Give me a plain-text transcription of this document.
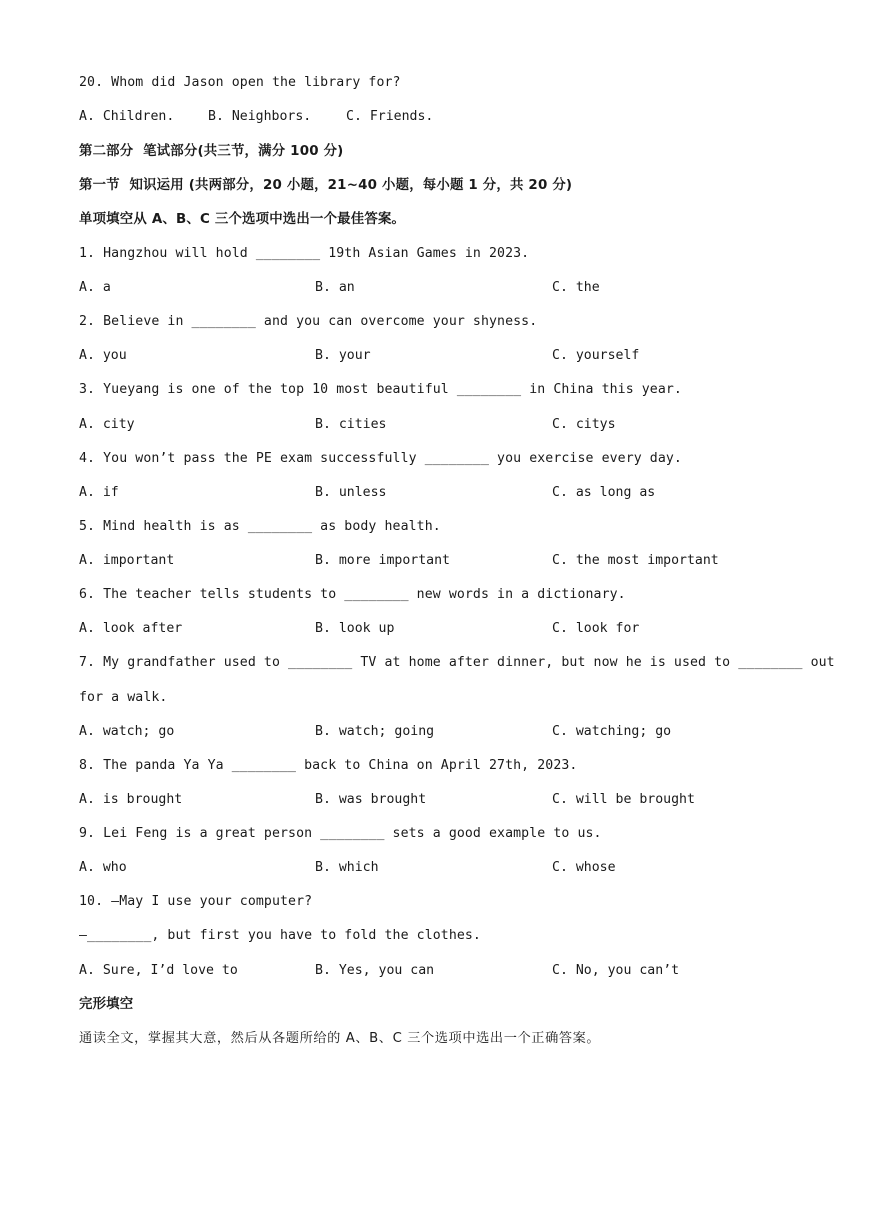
20. Whom did Jason open the library for?

A. Children.

	B. Neighbors.

	C. Friends.

第二部分  笔试部分(共三节，满分 100 分)
第一节  知识运用 (共两部分，20 小题，21~40 小题，每小题 1 分，共 20 分)
单项填空从 A、B、C 三个选项中选出一个最佳答案。
1. Hangzhou will hold ________ 19th Asian Games in 2023.

A. a

	B. an

	C. the

2. Believe in ________ and you can overcome your shyness.

A. you

	B. your

	C. yourself

3. Yueyang is one of the top 10 most beautiful ________ in China this year.

A. city

	B. cities

	C. citys

4. You won’t pass the PE exam successfully ________ you exercise every day.

A. if

	B. unless

	C. as long as

5. Mind health is as ________ as body health.

A. important

	B. more important

	C. the most important

6. The teacher tells students to ________ new words in a dictionary.

A. look after

	B. look up

	C. look for

7. My grandfather used to ________ TV at home after dinner, but now he is used to ________ out
for a walk.

A. watch; go

	B. watch; going

	C. watching; go

8. The panda Ya Ya ________ back to China on April 27th, 2023.

A. is brought

	B. was brought

	C. will be brought

9. Lei Feng is a great person ________ sets a good example to us.

A. who

	B. which

	C. whose

10. —May I use your computer?
—________, but first you have to fold the clothes.

A. Sure, I’d love to

	B. Yes, you can

	C. No, you can’t

完形填空
通读全文，掌握其大意，然后从各题所给的 A、B、C 三个选项中选出一个正确答案。
